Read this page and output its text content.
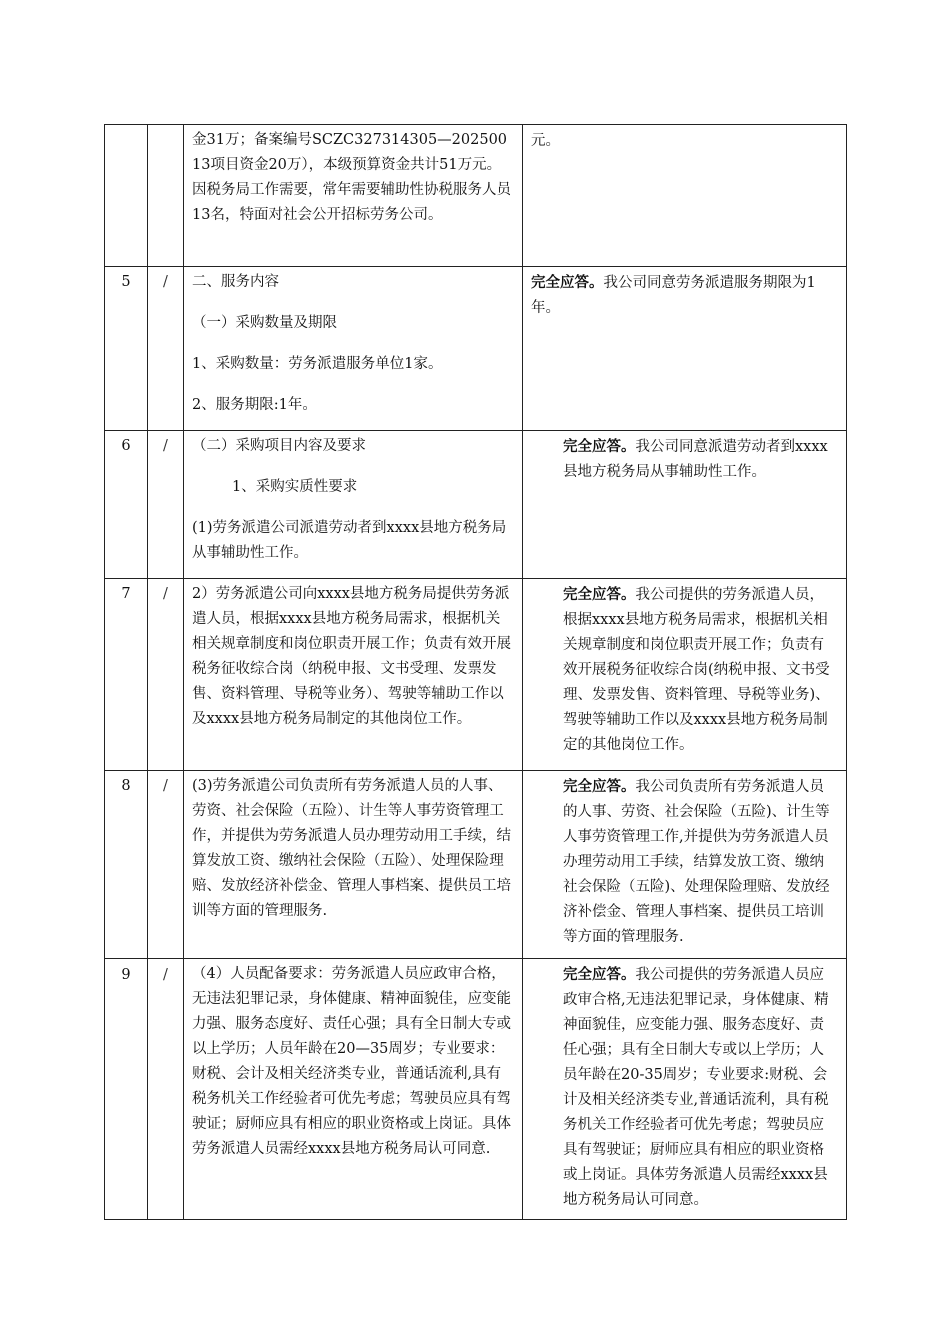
		金31万；备案编号SCZC327314305—20250013项目资金20万），本级预算资金共计51万元。因税务局工作需要，常年需要辅助性协税服务人员13名，特面对社会公开招标劳务公司。	元。

5	/	二、服务内容

（一）采购数量及期限

1、采购数量：劳务派遣服务单位1家。

2、服务期限:1年。	完全应答。我公司同意劳务派遣服务期限为1年。

6	/	（二）采购项目内容及要求

1、采购实质性要求

(1)劳务派遣公司派遣劳动者到xxxx县地方税务局从事辅助性工作。	完全应答。我公司同意派遣劳动者到xxxx县地方税务局从事辅助性工作。

7	/	2）劳务派遣公司向xxxx县地方税务局提供劳务派遣人员，根据xxxx县地方税务局需求，根据机关相关规章制度和岗位职责开展工作；负责有效开展税务征收综合岗（纳税申报、文书受理、发票发售、资料管理、导税等业务）、驾驶等辅助工作以及xxxx县地方税务局制定的其他岗位工作。	完全应答。我公司提供的劳务派遣人员，根据xxxx县地方税务局需求，根据机关相关规章制度和岗位职责开展工作；负责有效开展税务征收综合岗(纳税申报、文书受理、发票发售、资料管理、导税等业务)、驾驶等辅助工作以及xxxx县地方税务局制定的其他岗位工作。

8	/	(3)劳务派遣公司负责所有劳务派遣人员的人事、劳资、社会保险（五险）、计生等人事劳资管理工作，并提供为劳务派遣人员办理劳动用工手续，结算发放工资、缴纳社会保险（五险）、处理保险理赔、发放经济补偿金、管理人事档案、提供员工培训等方面的管理服务.	完全应答。我公司负责所有劳务派遣人员的人事、劳资、社会保险（五险)、计生等人事劳资管理工作,并提供为劳务派遣人员办理劳动用工手续，结算发放工资、缴纳社会保险（五险)、处理保险理赔、发放经济补偿金、管理人事档案、提供员工培训等方面的管理服务.

9	/	（4）人员配备要求：劳务派遣人员应政审合格，无违法犯罪记录，身体健康、精神面貌佳，应变能力强、服务态度好、责任心强；具有全日制大专或以上学历；人员年龄在20—35周岁；专业要求：财税、会计及相关经济类专业，普通话流利,具有税务机关工作经验者可优先考虑；驾驶员应具有驾驶证；厨师应具有相应的职业资格或上岗证。具体劳务派遣人员需经xxxx县地方税务局认可同意.	完全应答。我公司提供的劳务派遣人员应政审合格,无违法犯罪记录，身体健康、精神面貌佳，应变能力强、服务态度好、责任心强；具有全日制大专或以上学历；人员年龄在20-35周岁；专业要求:财税、会计及相关经济类专业,普通话流利，具有税务机关工作经验者可优先考虑；驾驶员应具有驾驶证；厨师应具有相应的职业资格或上岗证。具体劳务派遣人员需经xxxx县地方税务局认可同意。
